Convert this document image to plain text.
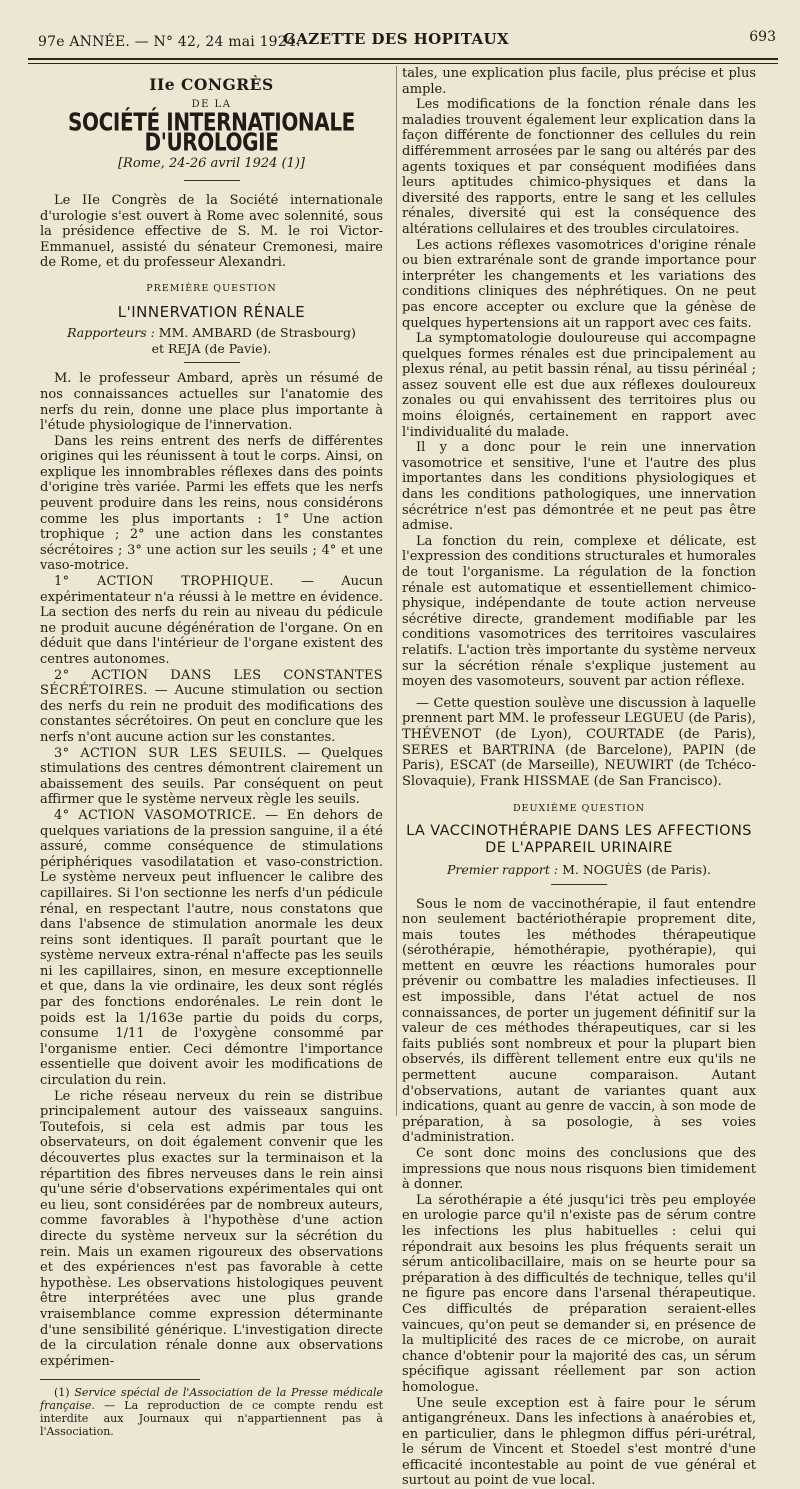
97e ANNÉE. — N° 42, 24 mai 1924.
GAZETTE DES HOPITAUX	693
IIe CONGRÈS
DE LA
SOCIÉTÉ INTERNATIONALE D'UROLOGIE
[Rome, 24-26 avril 1924 (1)]

Le IIe Congrès de la Société internationale d'urologie s'est ouvert à Rome avec solennité, sous la présidence effective de S. M. le roi Victor-Emmanuel, assisté du sénateur Cremonesi, maire de Rome, et du professeur Alexandri.

PREMIÈRE QUESTION
L'INNERVATION RÉNALE
Rapporteurs : MM. AMBARD (de Strasbourg)
et REJA (de Pavie).

M. le professeur Ambard, après un résumé de nos connaissances actuelles sur l'anatomie des nerfs du rein, donne une place plus importante à l'étude physiologique de l'innervation.

Dans les reins entrent des nerfs de différentes origines qui les réunissent à tout le corps. Ainsi, on explique les innombrables réflexes dans des points d'origine très variée. Parmi les effets que les nerfs peuvent produire dans les reins, nous considérons comme les plus importants : 1° Une action trophique ; 2° une action dans les constantes sécrétoires ; 3° une action sur les seuils ; 4° et une vaso-motrice.

1° ACTION TROPHIQUE. — Aucun expérimentateur n'a réussi à le mettre en évidence. La section des nerfs du rein au niveau du pédicule ne produit aucune dégénération de l'organe. On en déduit que dans l'intérieur de l'organe existent des centres autonomes.

2° ACTION DANS LES CONSTANTES SÉCRÉTOIRES. — Aucune stimulation ou section des nerfs du rein ne produit des modifications des constantes sécrétoires. On peut en conclure que les nerfs n'ont aucune action sur les constantes.

3° ACTION SUR LES SEUILS. — Quelques stimulations des centres démontrent clairement un abaissement des seuils. Par conséquent on peut affirmer que le système nerveux règle les seuils.

4° ACTION VASOMOTRICE. — En dehors de quelques variations de la pression sanguine, il a été assuré, comme conséquence de stimulations périphériques vasodilatation et vaso-constriction. Le système nerveux peut influencer le calibre des capillaires. Si l'on sectionne les nerfs d'un pédicule rénal, en respectant l'autre, nous constatons que dans l'absence de stimulation anormale les deux reins sont identiques. Il paraît pourtant que le système nerveux extra-rénal n'affecte pas les seuils ni les capillaires, sinon, en mesure exceptionnelle et que, dans la vie ordinaire, les deux sont réglés par des fonctions endorénales. Le rein dont le poids est la 1/163e partie du poids du corps, consume 1/11 de l'oxygène consommé par l'organisme entier. Ceci démontre l'importance essentielle que doivent avoir les modifications de circulation du rein.

Le riche réseau nerveux du rein se distribue principalement autour des vaisseaux sanguins. Toutefois, si cela est admis par tous les observateurs, on doit également convenir que les découvertes plus exactes sur la terminaison et la répartition des fibres nerveuses dans le rein ainsi qu'une série d'observations expérimentales qui ont eu lieu, sont considérées par de nombreux auteurs, comme favorables à l'hypothèse d'une action directe du système nerveux sur la sécrétion du rein. Mais un examen rigoureux des observations et des expériences n'est pas favorable à cette hypothèse. Les observations histologiques peuvent être interprétées avec une plus grande vraisemblance comme expression déterminante d'une sensibilité générique. L'investigation directe de la circulation rénale donne aux observations expérimen-

(1) Service spécial de l'Association de la Presse médicale française. — La reproduction de ce compte rendu est interdite aux Journaux qui n'appartiennent pas à l'Association.

tales, une explication plus facile, plus précise et plus ample.

Les modifications de la fonction rénale dans les maladies trouvent également leur explication dans la façon différente de fonctionner des cellules du rein différemment arrosées par le sang ou altérés par des agents toxiques et par conséquent modifiées dans leurs aptitudes chimico-physiques et dans la diversité des rapports, entre le sang et les cellules rénales, diversité qui est la conséquence des altérations cellulaires et des troubles circulatoires.

Les actions réflexes vasomotrices d'origine rénale ou bien extrarénale sont de grande importance pour interpréter les changements et les variations des conditions cliniques des néphrétiques. On ne peut pas encore accepter ou exclure que la génèse de quelques hypertensions ait un rapport avec ces faits.

La symptomatologie douloureuse qui accompagne quelques formes rénales est due principalement au plexus rénal, au petit bassin rénal, au tissu périnéal ; assez souvent elle est due aux réflexes douloureux zonales ou qui envahissent des territoires plus ou moins éloignés, certainement en rapport avec l'individualité du malade.

Il y a donc pour le rein une innervation vasomotrice et sensitive, l'une et l'autre des plus importantes dans les conditions physiologiques et dans les conditions pathologiques, une innervation sécrétrice n'est pas démontrée et ne peut pas être admise.

La fonction du rein, complexe et délicate, est l'expression des conditions structurales et humorales de tout l'organisme. La régulation de la fonction rénale est automatique et essentiellement chimico-physique, indépendante de toute action nerveuse sécrétive directe, grandement modifiable par les conditions vasomotrices des territoires vasculaires relatifs. L'action très importante du système nerveux sur la sécrétion rénale s'explique justement au moyen des vasomoteurs, souvent par action réflexe.

— Cette question soulève une discussion à laquelle prennent part MM. le professeur LEGUEU (de Paris), THÉVENOT (de Lyon), COURTADE (de Paris), SERES et BARTRINA (de Barcelone), PAPIN (de Paris), ESCAT (de Marseille), NEUWIRT (de Tchéco-Slovaquie), Frank HISSMAE (de San Francisco).

DEUXIÈME QUESTION
LA VACCINOTHÉRAPIE DANS LES AFFECTIONS
DE L'APPAREIL URINAIRE
Premier rapport : M. NOGUÈS (de Paris).

Sous le nom de vaccinothérapie, il faut entendre non seulement bactériothérapie proprement dite, mais toutes les méthodes thérapeutique (sérothérapie, hémothérapie, pyothérapie), qui mettent en œuvre les réactions humorales pour prévenir ou combattre les maladies infectieuses. Il est impossible, dans l'état actuel de nos connaissances, de porter un jugement définitif sur la valeur de ces méthodes thérapeutiques, car si les faits publiés sont nombreux et pour la plupart bien observés, ils diffèrent tellement entre eux qu'ils ne permettent aucune comparaison. Autant d'observations, autant de variantes quant aux indications, quant au genre de vaccin, à son mode de préparation, à sa posologie, à ses voies d'administration.

Ce sont donc moins des conclusions que des impressions que nous nous risquons bien timidement à donner.

La sérothérapie a été jusqu'ici très peu employée en urologie parce qu'il n'existe pas de sérum contre les infections les plus habituelles : celui qui répondrait aux besoins les plus fréquents serait un sérum anticolibacillaire, mais on se heurte pour sa préparation à des difficultés de technique, telles qu'il ne figure pas encore dans l'arsenal thérapeutique. Ces difficultés de préparation seraient-elles vaincues, qu'on peut se demander si, en présence de la multiplicité des races de ce microbe, on aurait chance d'obtenir pour la majorité des cas, un sérum spécifique agissant réellement par son action homologue.

Une seule exception est à faire pour le sérum antigangréneux. Dans les infections à anaérobies et, en particulier, dans le phlegmon diffus péri-urétral, le sérum de Vincent et Stoedel s'est montré d'une efficacité incontestable au point de vue général et surtout au point de vue local.
